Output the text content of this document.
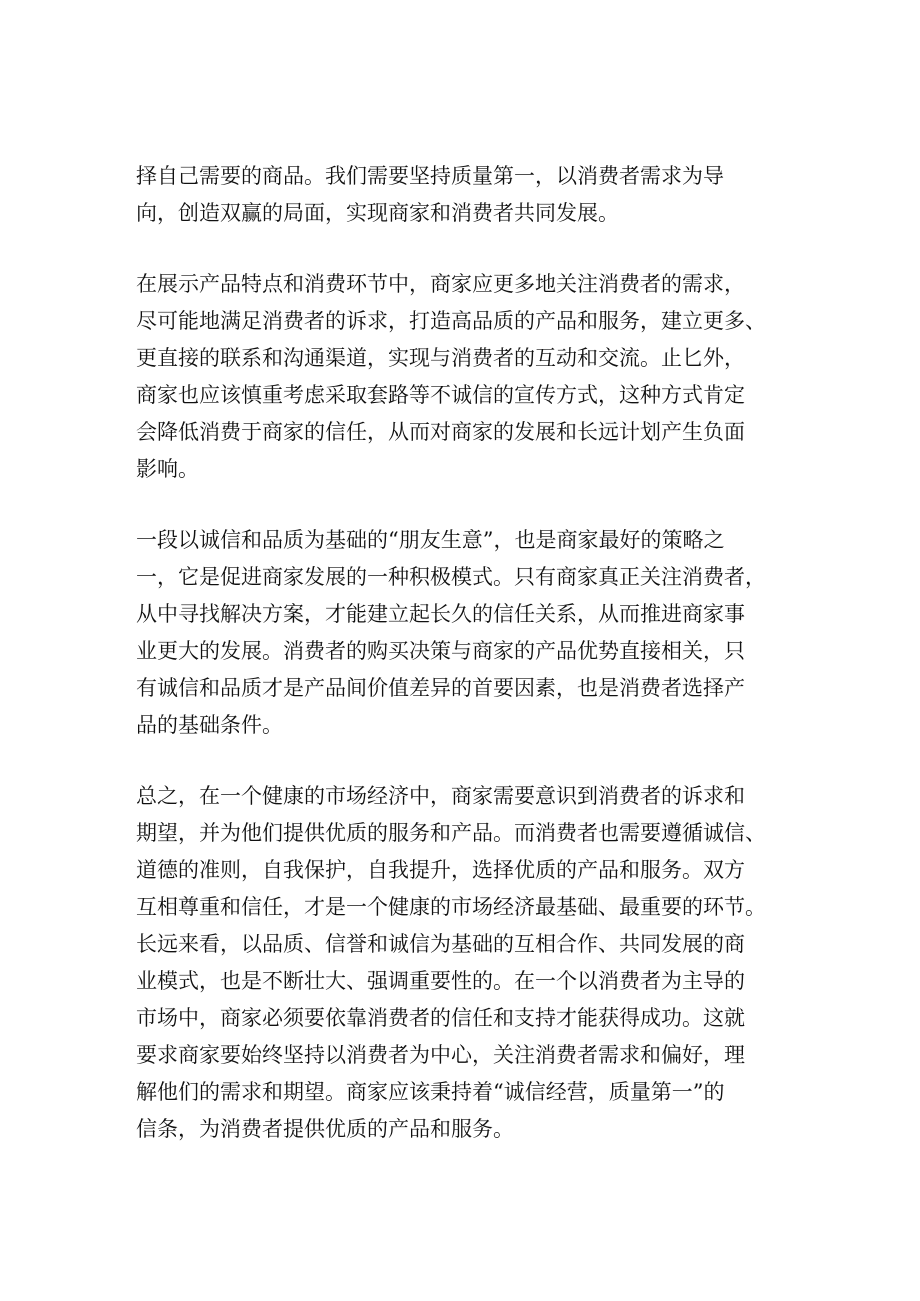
择自己需要的商品。我们需要坚持质量第一，以消费者需求为导
向，创造双赢的局面，实现商家和消费者共同发展。

在展示产品特点和消费环节中，商家应更多地关注消费者的需求，
尽可能地满足消费者的诉求，打造高品质的产品和服务，建立更多、
更直接的联系和沟通渠道，实现与消费者的互动和交流。止匕外，
商家也应该慎重考虑采取套路等不诚信的宣传方式，这种方式肯定
会降低消费于商家的信任，从而对商家的发展和长远计划产生负面
影响。

一段以诚信和品质为基础的“朋友生意”，也是商家最好的策略之
一，它是促进商家发展的一种积极模式。只有商家真正关注消费者，
从中寻找解决方案，才能建立起长久的信任关系，从而推进商家事
业更大的发展。消费者的购买决策与商家的产品优势直接相关，只
有诚信和品质才是产品间价值差异的首要因素，也是消费者选择产
品的基础条件。

总之，在一个健康的市场经济中，商家需要意识到消费者的诉求和
期望，并为他们提供优质的服务和产品。而消费者也需要遵循诚信、
道德的准则，自我保护，自我提升，选择优质的产品和服务。双方
互相尊重和信任，才是一个健康的市场经济最基础、最重要的环节。
长远来看，以品质、信誉和诚信为基础的互相合作、共同发展的商
业模式，也是不断壮大、强调重要性的。在一个以消费者为主导的
市场中，商家必须要依靠消费者的信任和支持才能获得成功。这就
要求商家要始终坚持以消费者为中心，关注消费者需求和偏好，理
解他们的需求和期望。商家应该秉持着“诚信经营，质量第一”的
信条，为消费者提供优质的产品和服务。
